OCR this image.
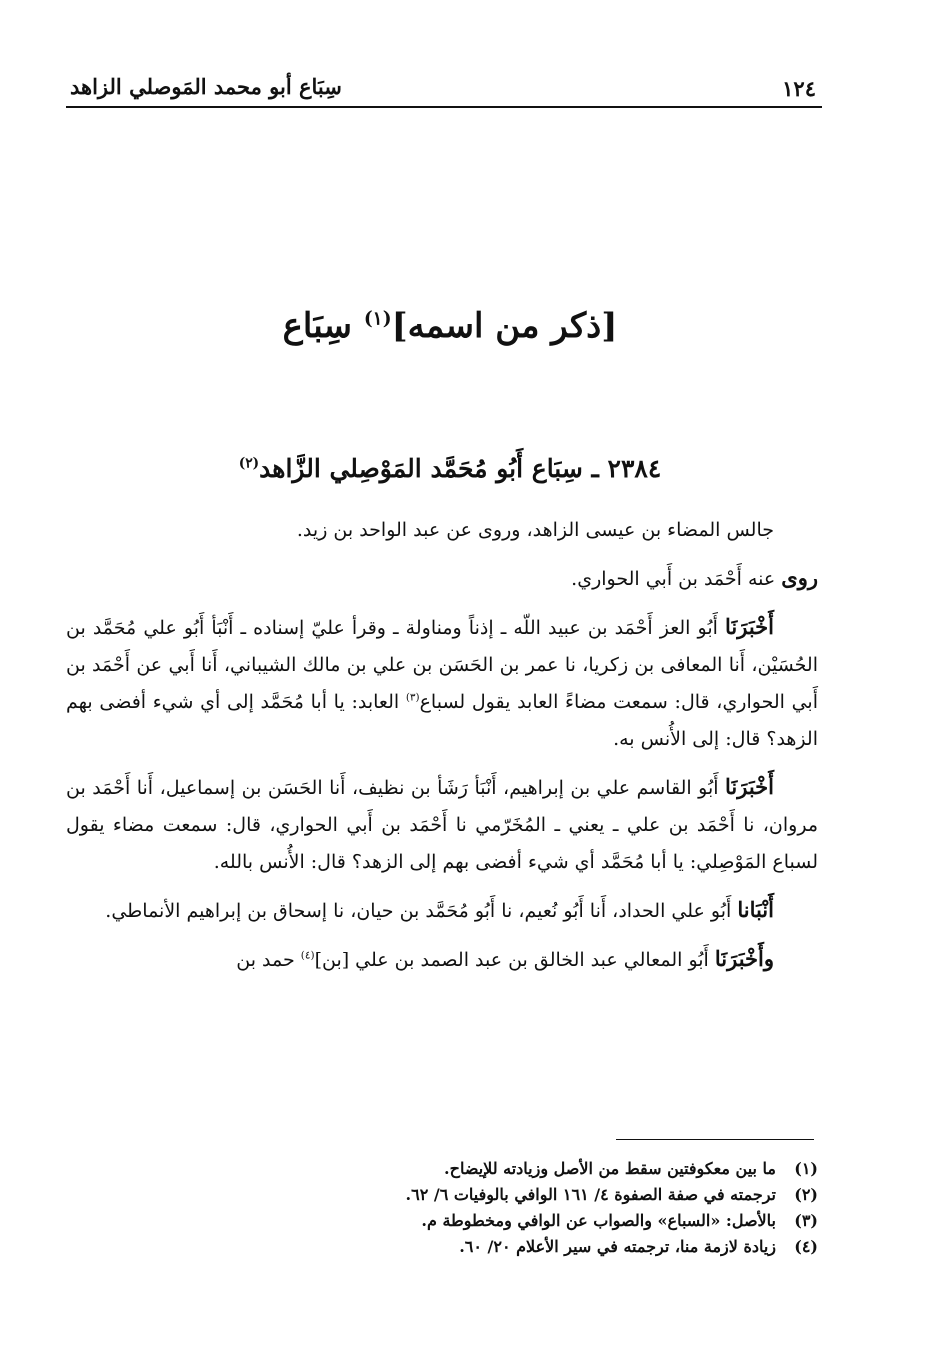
١٢٤
سِبَاع أبو محمد المَوصلي الزاهد
[ذكر من اسمه]$^{(١)}$ سِبَاع
٢٣٨٤ ـ سِبَاع أَبُو مُحَمَّد المَوْصِلي الزَّاهد$^{(٢)}$

جالس المضاء بن عيسى الزاهد، وروى عن عبد الواحد بن زيد.

روى عنه أَحْمَد بن أَبي الحواري.

أَخْبَرَنَا أَبُو العز أَحْمَد بن عبيد اللّه ـ إذناً ومناولة ـ وقرأ عليّ إسناده ـ أَنْبَأ أَبُو علي مُحَمَّد بن الحُسَيْن، أَنا المعافى بن زكريا، نا عمر بن الحَسَن بن علي بن مالك الشيباني، أَنا أَبي عن أَحْمَد بن أَبي الحواري، قال: سمعت مضاءً العابد يقول لسباع$^{(٣)}$ العابد: يا أبا مُحَمَّد إلى أي شيء أفضى بهم الزهد؟ قال: إلى الأُنس به.

أَخْبَرَنَا أَبُو القاسم علي بن إبراهيم، أَنْبَأ رَشَأ بن نظيف، أَنا الحَسَن بن إسماعيل، أَنا أَحْمَد بن مروان، نا أَحْمَد بن علي ـ يعني ـ المُخَرّمي نا أَحْمَد بن أَبي الحواري، قال: سمعت مضاء يقول لسباع المَوْصِلي: يا أبا مُحَمَّد أي شيء أفضى بهم إلى الزهد؟ قال: الأُنس بالله.

أَنْبَانا أَبُو علي الحداد، أَنا أَبُو نُعيم، نا أَبُو مُحَمَّد بن حيان، نا إسحاق بن إبراهيم الأنماطي.

وأَخْبَرَنَا أَبُو المعالي عبد الخالق بن عبد الصمد بن علي [بن]$^{(٤)}$ حمد بن

(١)ما بين معكوفتين سقط من الأصل وزيادته للإيضاح.
(٢)ترجمته في صفة الصفوة ٤/ ١٦١ الوافي بالوفيات ٦/ ٦٢.
(٣)بالأصل: «السباع» والصواب عن الوافي ومخطوطة م.
(٤)زيادة لازمة منا، ترجمته في سير الأعلام ٢٠/ ٦٠.
